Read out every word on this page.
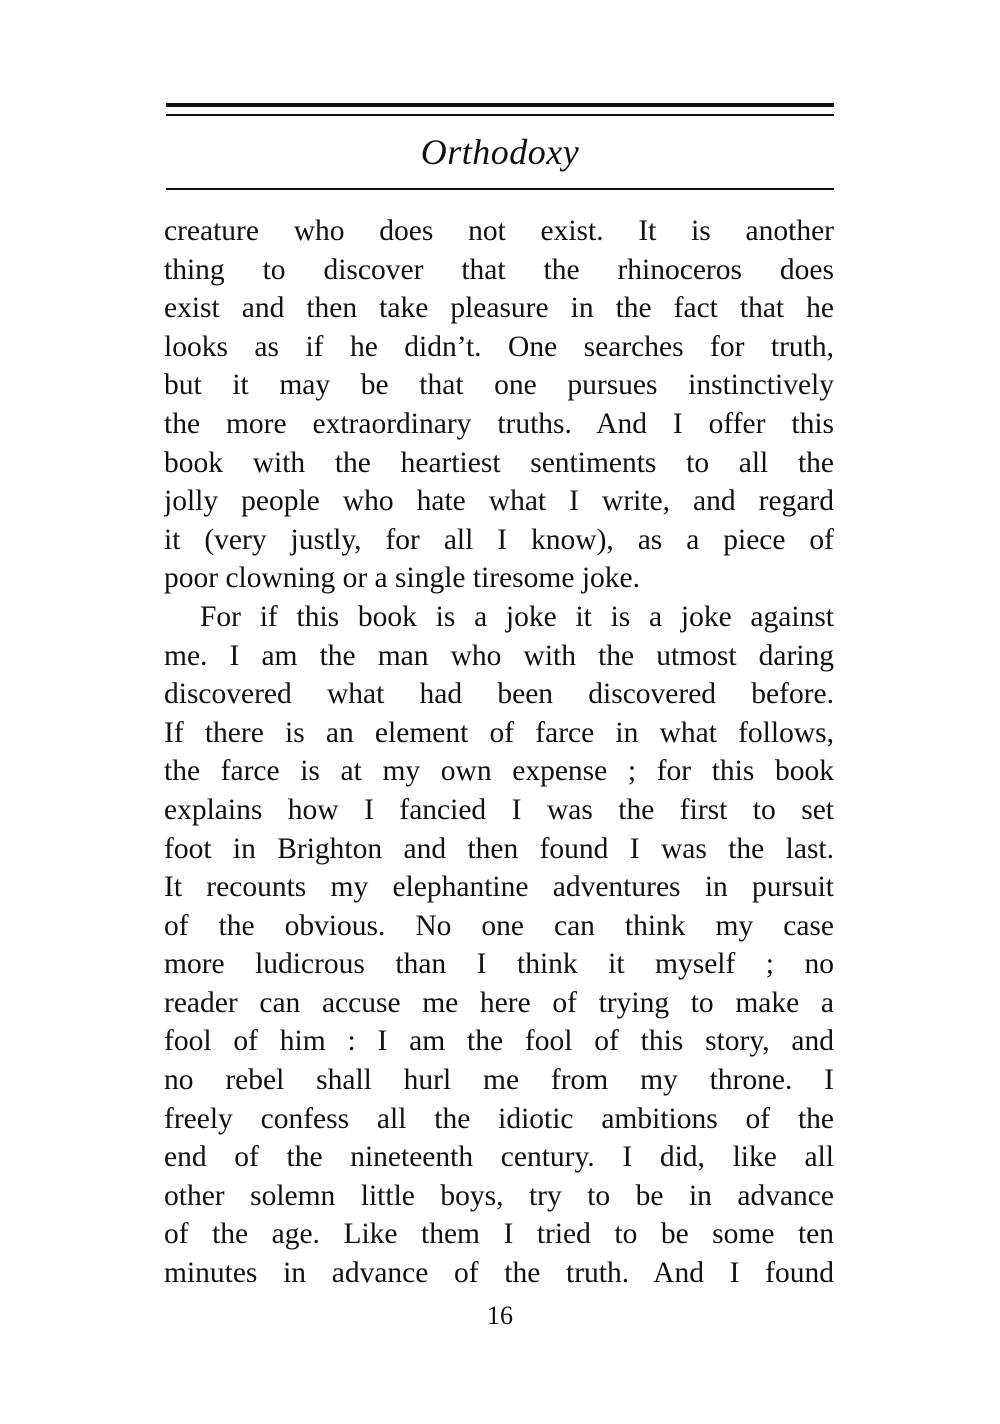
Orthodoxy
creature who does not exist. It is another
thing to discover that the rhinoceros does
exist and then take pleasure in the fact that he
looks as if he didn’t. One searches for truth,
but it may be that one pursues instinctively
the more extraordinary truths. And I offer this
book with the heartiest sentiments to all the
jolly people who hate what I write, and regard
it (very justly, for all I know), as a piece of
poor clowning or a single tiresome joke.
For if this book is a joke it is a joke against
me. I am the man who with the utmost daring
discovered what had been discovered before.
If there is an element of farce in what follows,
the farce is at my own expense ; for this book
explains how I fancied I was the first to set
foot in Brighton and then found I was the last.
It recounts my elephantine adventures in pursuit
of the obvious. No one can think my case
more ludicrous than I think it myself ; no
reader can accuse me here of trying to make a
fool of him : I am the fool of this story, and
no rebel shall hurl me from my throne. I
freely confess all the idiotic ambitions of the
end of the nineteenth century. I did, like all
other solemn little boys, try to be in advance
of the age. Like them I tried to be some ten
minutes in advance of the truth. And I found
16
